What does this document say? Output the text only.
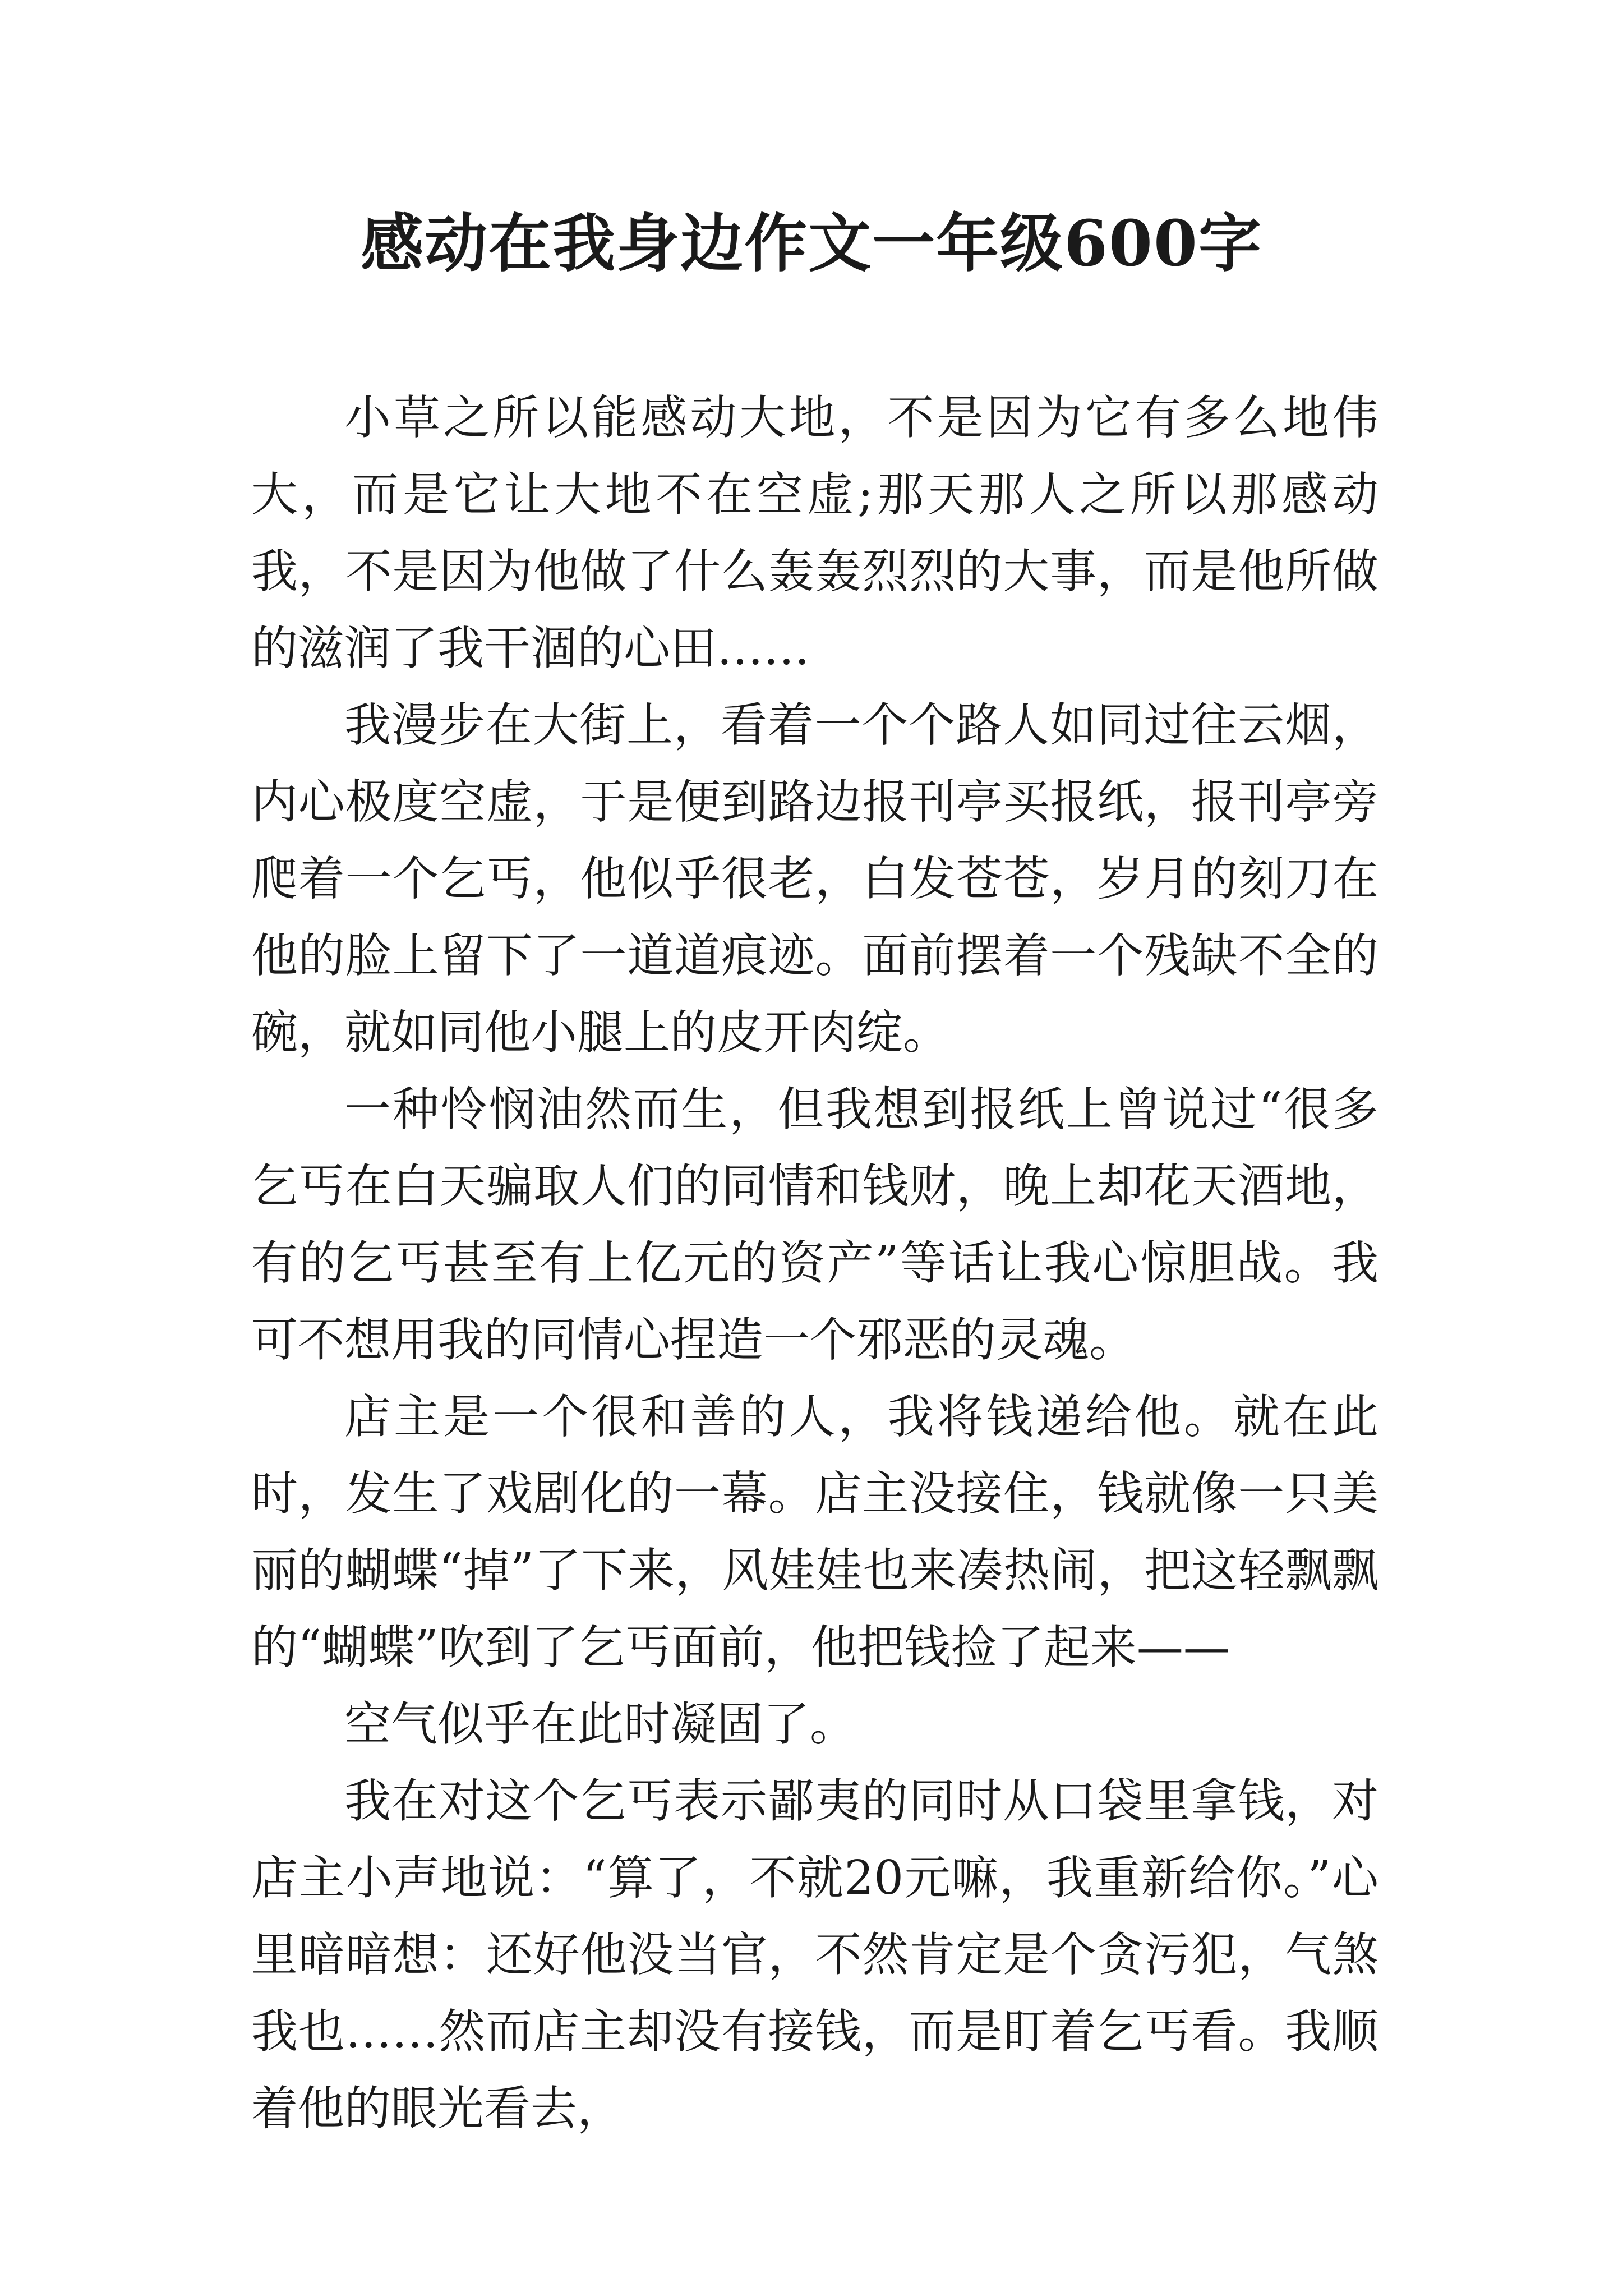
感动在我身边作文一年级600字

小草之所以能感动大地，不是因为它有多么地伟大，而是它让大地不在空虚;那天那人之所以那感动我，不是因为他做了什么轰轰烈烈的大事，而是他所做的滋润了我干涸的心田……

我漫步在大街上，看着一个个路人如同过往云烟，内心极度空虚，于是便到路边报刊亭买报纸，报刊亭旁爬着一个乞丐，他似乎很老，白发苍苍，岁月的刻刀在他的脸上留下了一道道痕迹。面前摆着一个残缺不全的碗，就如同他小腿上的皮开肉绽。

一种怜悯油然而生，但我想到报纸上曾说过“很多乞丐在白天骗取人们的同情和钱财，晚上却花天酒地，有的乞丐甚至有上亿元的资产”等话让我心惊胆战。我可不想用我的同情心捏造一个邪恶的灵魂。

店主是一个很和善的人，我将钱递给他。就在此时，发生了戏剧化的一幕。店主没接住，钱就像一只美丽的蝴蝶“掉”了下来，风娃娃也来凑热闹，把这轻飘飘的“蝴蝶”吹到了乞丐面前，他把钱捡了起来——

空气似乎在此时凝固了。

我在对这个乞丐表示鄙夷的同时从口袋里拿钱，对店主小声地说：“算了，不就20元嘛，我重新给你。”心里暗暗想：还好他没当官，不然肯定是个贪污犯，气煞我也……然而店主却没有接钱，而是盯着乞丐看。我顺着他的眼光看去，
